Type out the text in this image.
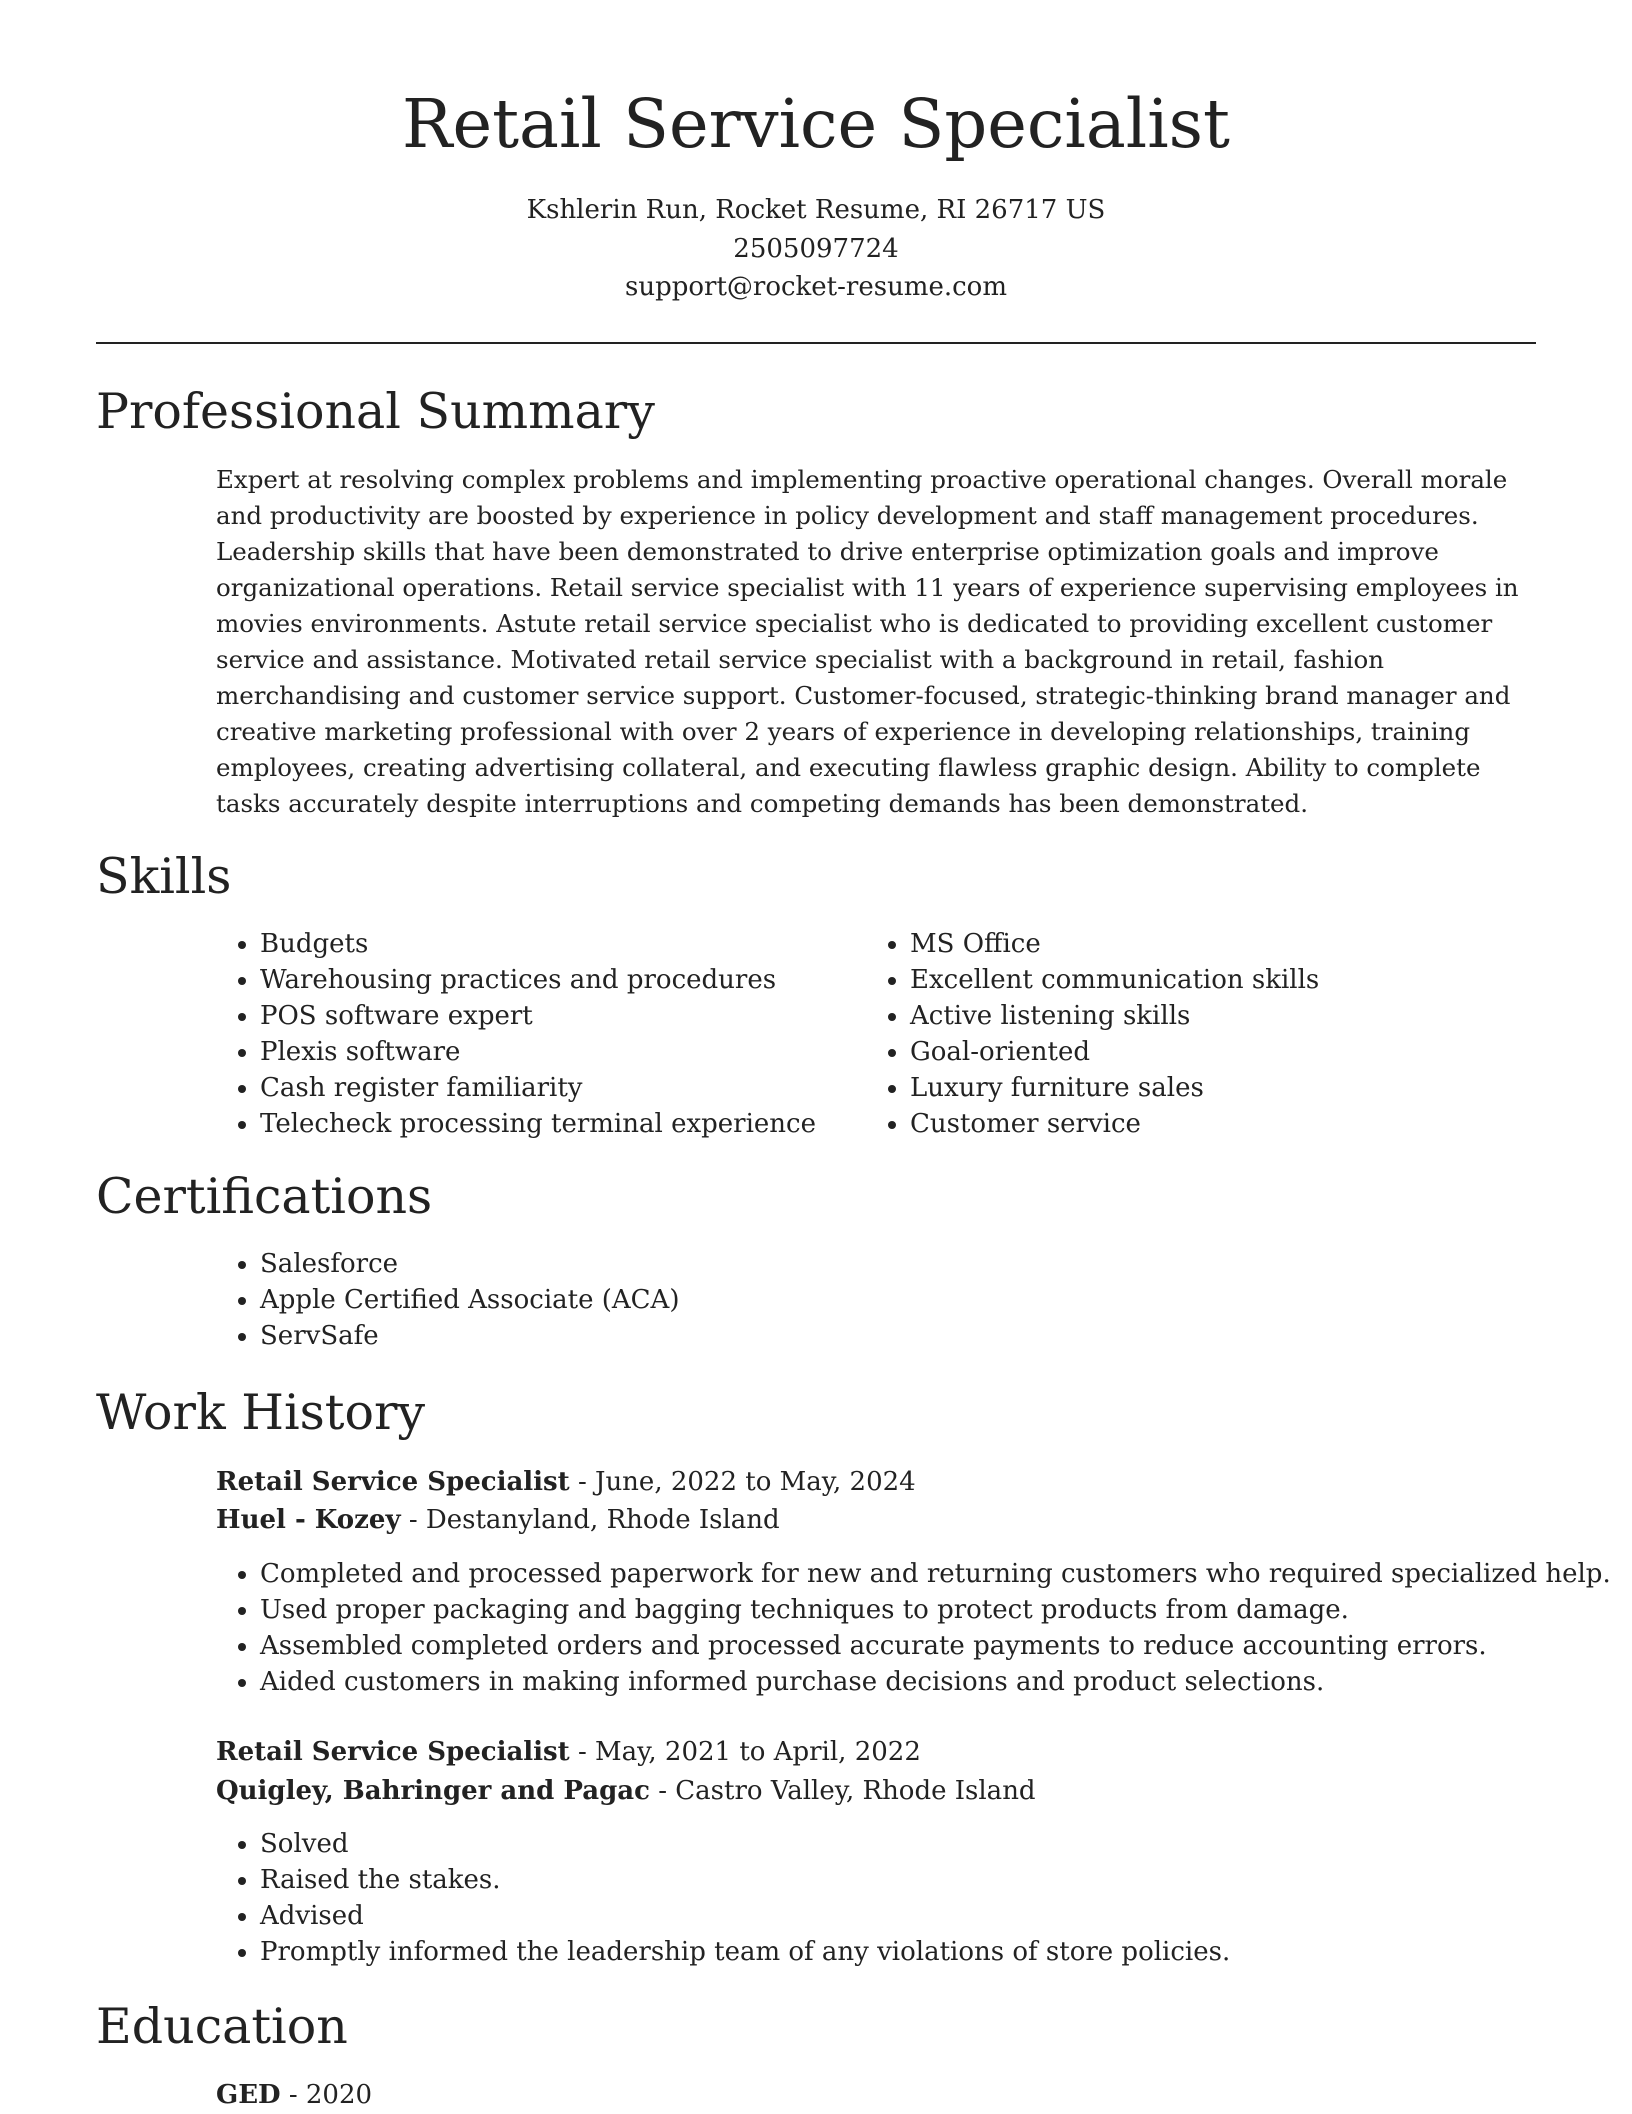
Retail Service Specialist
Kshlerin Run, Rocket Resume, RI 26717 US
2505097724
support@rocket-resume.com
Professional Summary

Expert at resolving complex problems and implementing proactive operational changes. Overall morale and productivity are boosted by experience in policy development and staff management procedures. Leadership skills that have been demonstrated to drive enterprise optimization goals and improve organizational operations. Retail service specialist with 11 years of experience supervising employees in movies environments. Astute retail service specialist who is dedicated to providing excellent customer service and assistance. Motivated retail service specialist with a background in retail, fashion merchandising and customer service support. Customer-focused, strategic-thinking brand manager and creative marketing professional with over 2 years of experience in developing relationships, training employees, creating advertising collateral, and executing flawless graphic design. Ability to complete tasks accurately despite interruptions and competing demands has been demonstrated.

Skills
• Budgets
• Warehousing practices and procedures
• POS software expert
• Plexis software
• Cash register familiarity
• Telecheck processing terminal experience
• MS Office
• Excellent communication skills
• Active listening skills
• Goal-oriented
• Luxury furniture sales
• Customer service
Certifications
• Salesforce
• Apple Certified Associate (ACA)
• ServSafe
Work History
Retail Service Specialist - June, 2022 to May, 2024
Huel - Kozey - Destanyland, Rhode Island
• Completed and processed paperwork for new and returning customers who required specialized help.
• Used proper packaging and bagging techniques to protect products from damage.
• Assembled completed orders and processed accurate payments to reduce accounting errors.
• Aided customers in making informed purchase decisions and product selections.
Retail Service Specialist - May, 2021 to April, 2022
Quigley, Bahringer and Pagac - Castro Valley, Rhode Island
• Solved
• Raised the stakes.
• Advised
• Promptly informed the leadership team of any violations of store policies.
Education
GED - 2020
